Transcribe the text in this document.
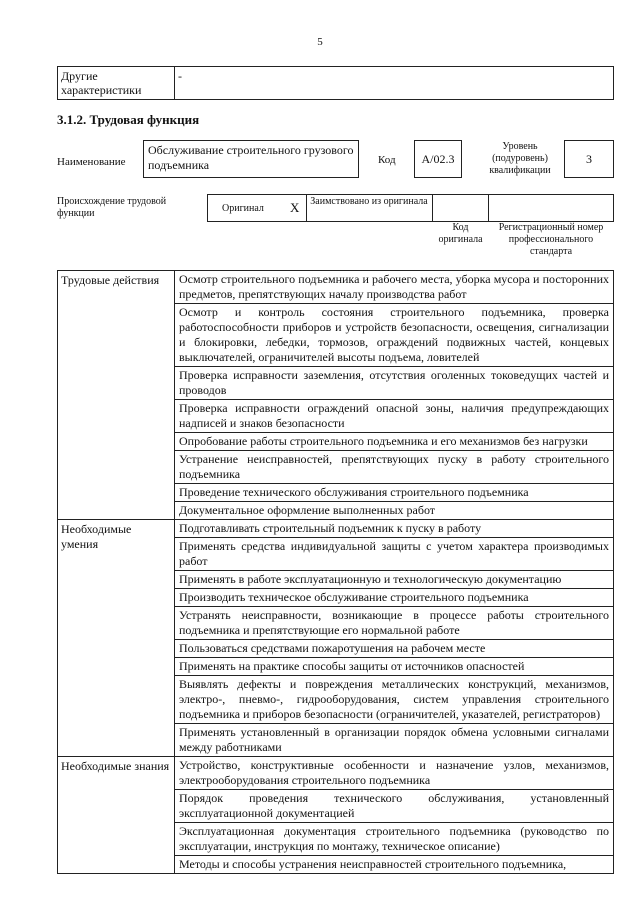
5
Другие характеристики	-
3.1.2. Трудовая функция
Наименование
Обслуживание строительного грузового подъемника	Код	А/02.3
Уровень (подуровень) квалификации
3
Происхождение трудовой функции	Оригинал X Заимствовано из оригинала
Код оригинала
Регистрационный номер профессионального стандарта
Трудовые действия	Осмотр строительного подъемника и рабочего места, уборка мусора и посторонних предметов, препятствующих началу производства работ
	Осмотр и контроль состояния строительного подъемника, проверка работоспособности приборов и устройств безопасности, освещения, сигнализации и блокировки, лебедки, тормозов, ограждений подвижных частей, концевых выключателей, ограничителей высоты подъема, ловителей
	Проверка исправности заземления, отсутствия оголенных токоведущих частей и проводов
	Проверка исправности ограждений опасной зоны, наличия предупреждающих надписей и знаков безопасности
	Опробование работы строительного подъемника и его механизмов без нагрузки
	Устранение неисправностей, препятствующих пуску в работу строительного подъемника
	Проведение технического обслуживания строительного подъемника
	Документальное оформление выполненных работ
Необходимые умения	Подготавливать строительный подъемник к пуску в работу
	Применять средства индивидуальной защиты с учетом характера производимых работ
	Применять в работе эксплуатационную и технологическую документацию
	Производить техническое обслуживание строительного подъемника
	Устранять неисправности, возникающие в процессе работы строительного подъемника и препятствующие его нормальной работе
	Пользоваться средствами пожаротушения на рабочем месте
	Применять на практике способы защиты от источников опасностей
	Выявлять дефекты и повреждения металлических конструкций, механизмов, электро-, пневмо-, гидрооборудования, систем управления строительного подъемника и приборов безопасности (ограничителей, указателей, регистраторов)
	Применять установленный в организации порядок обмена условными сигналами между работниками
Необходимые знания	Устройство, конструктивные особенности и назначение узлов, механизмов, электрооборудования строительного подъемника
	Порядок проведения технического обслуживания, установленный эксплуатационной документацией
	Эксплуатационная документация строительного подъемника (руководство по эксплуатации, инструкция по монтажу, техническое описание)
	Методы и способы устранения неисправностей строительного подъемника,
